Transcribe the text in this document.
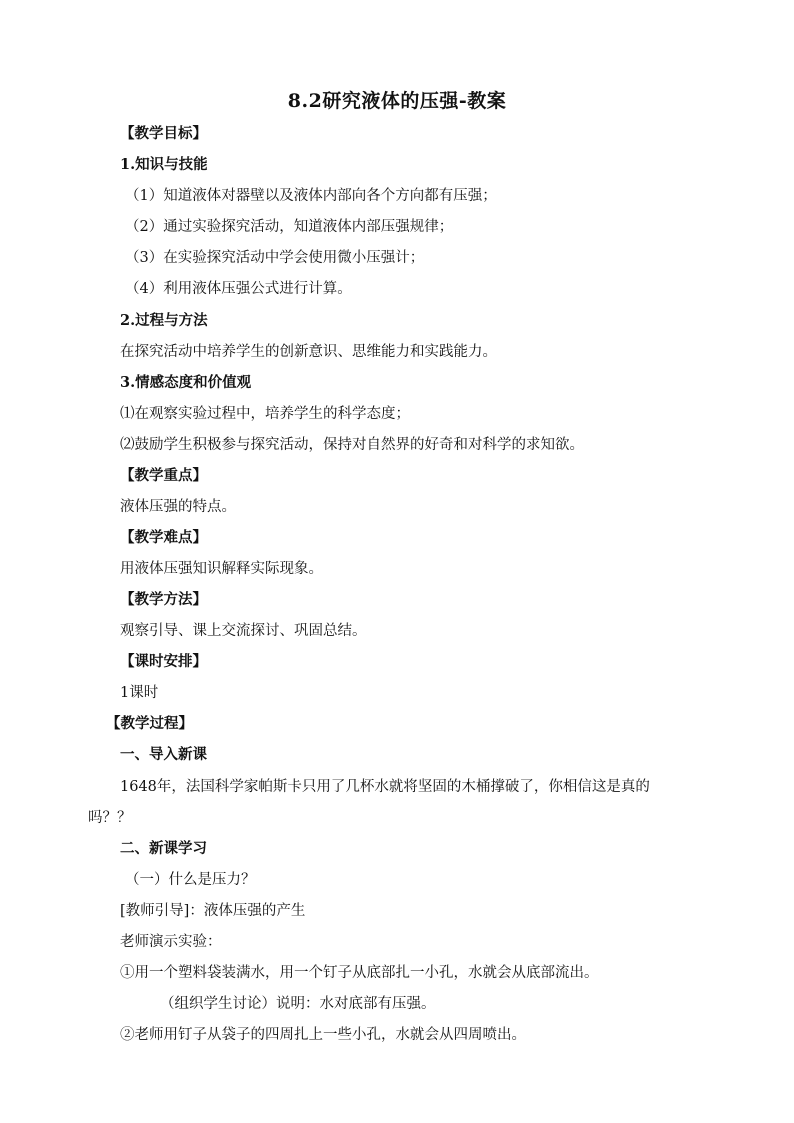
8.2研究液体的压强-教案
【教学目标】
1.知识与技能
（1）知道液体对器壁以及液体内部向各个方向都有压强；
（2）通过实验探究活动，知道液体内部压强规律；
（3）在实验探究活动中学会使用微小压强计；
（4）利用液体压强公式进行计算。
2.过程与方法
在探究活动中培养学生的创新意识、思维能力和实践能力。
3.情感态度和价值观
⑴在观察实验过程中，培养学生的科学态度；
⑵鼓励学生积极参与探究活动，保持对自然界的好奇和对科学的求知欲。
【教学重点】
液体压强的特点。
【教学难点】
用液体压强知识解释实际现象。
【教学方法】
观察引导、课上交流探讨、巩固总结。
【课时安排】
1课时
【教学过程】
一、导入新课
1648年，法国科学家帕斯卡只用了几杯水就将坚固的木桶撑破了，你相信这是真的
吗？？
二、新课学习
（一）什么是压力？
[教师引导]：液体压强的产生
老师演示实验：
①用一个塑料袋装满水，用一个钉子从底部扎一小孔，水就会从底部流出。
（组织学生讨论）说明：水对底部有压强。
②老师用钉子从袋子的四周扎上一些小孔，水就会从四周喷出。
